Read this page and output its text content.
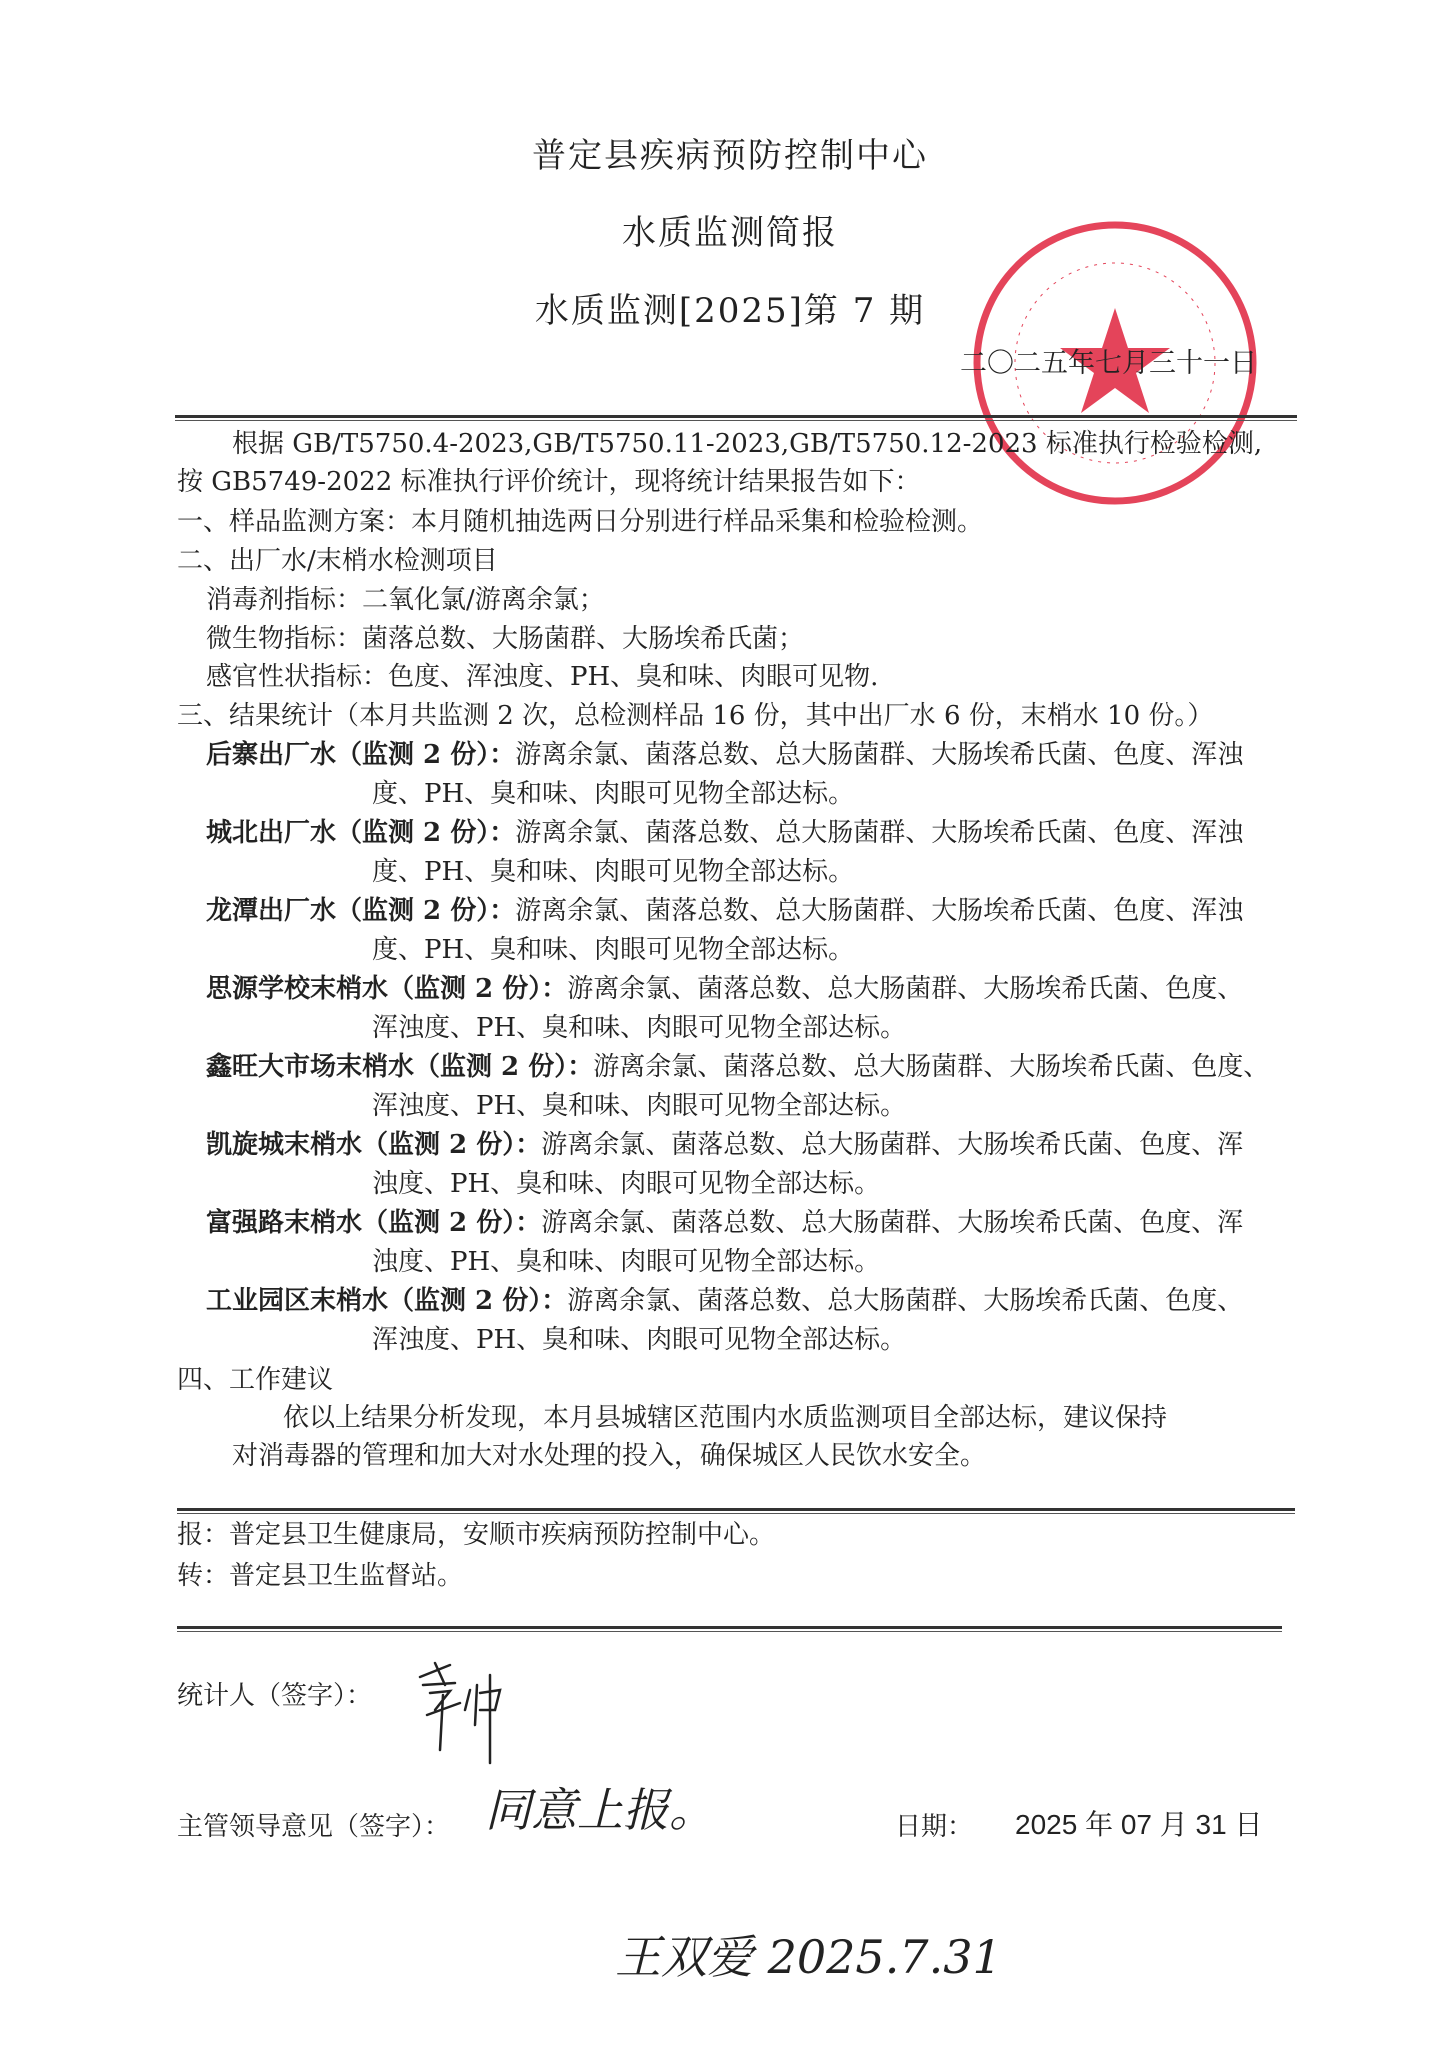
普定县疾病预防控制中心
水质监测简报
水质监测[2025]第 7 期
二〇二五年七月三十一日
根据 GB/T5750.4-2023,GB/T5750.11-2023,GB/T5750.12-2023 标准执行检验检测,
按 GB5749-2022 标准执行评价统计，现将统计结果报告如下：
一、样品监测方案：本月随机抽选两日分别进行样品采集和检验检测。
二、出厂水/末梢水检测项目
消毒剂指标：二氧化氯/游离余氯；
微生物指标：菌落总数、大肠菌群、大肠埃希氏菌；
感官性状指标：色度、浑浊度、PH、臭和味、肉眼可见物.
三、结果统计（本月共监测 2 次，总检测样品 16 份，其中出厂水 6 份，末梢水 10 份。）
后寨出厂水（监测 2 份）：游离余氯、菌落总数、总大肠菌群、大肠埃希氏菌、色度、浑浊
度、PH、臭和味、肉眼可见物全部达标。
城北出厂水（监测 2 份）：游离余氯、菌落总数、总大肠菌群、大肠埃希氏菌、色度、浑浊
度、PH、臭和味、肉眼可见物全部达标。
龙潭出厂水（监测 2 份）：游离余氯、菌落总数、总大肠菌群、大肠埃希氏菌、色度、浑浊
度、PH、臭和味、肉眼可见物全部达标。
思源学校末梢水（监测 2 份）：游离余氯、菌落总数、总大肠菌群、大肠埃希氏菌、色度、
浑浊度、PH、臭和味、肉眼可见物全部达标。
鑫旺大市场末梢水（监测 2 份）：游离余氯、菌落总数、总大肠菌群、大肠埃希氏菌、色度、
浑浊度、PH、臭和味、肉眼可见物全部达标。
凯旋城末梢水（监测 2 份）：游离余氯、菌落总数、总大肠菌群、大肠埃希氏菌、色度、浑
浊度、PH、臭和味、肉眼可见物全部达标。
富强路末梢水（监测 2 份）：游离余氯、菌落总数、总大肠菌群、大肠埃希氏菌、色度、浑
浊度、PH、臭和味、肉眼可见物全部达标。
工业园区末梢水（监测 2 份）：游离余氯、菌落总数、总大肠菌群、大肠埃希氏菌、色度、
浑浊度、PH、臭和味、肉眼可见物全部达标。
四、工作建议
依以上结果分析发现，本月县城辖区范围内水质监测项目全部达标，建议保持
对消毒器的管理和加大对水处理的投入，确保城区人民饮水安全。
报：普定县卫生健康局，安顺市疾病预防控制中心。
转：普定县卫生监督站。
统计人（签字）：
主管领导意见（签字）：	日期： 2025 年 07 月 31 日
同意上报。
王双爱 2025.7.31
